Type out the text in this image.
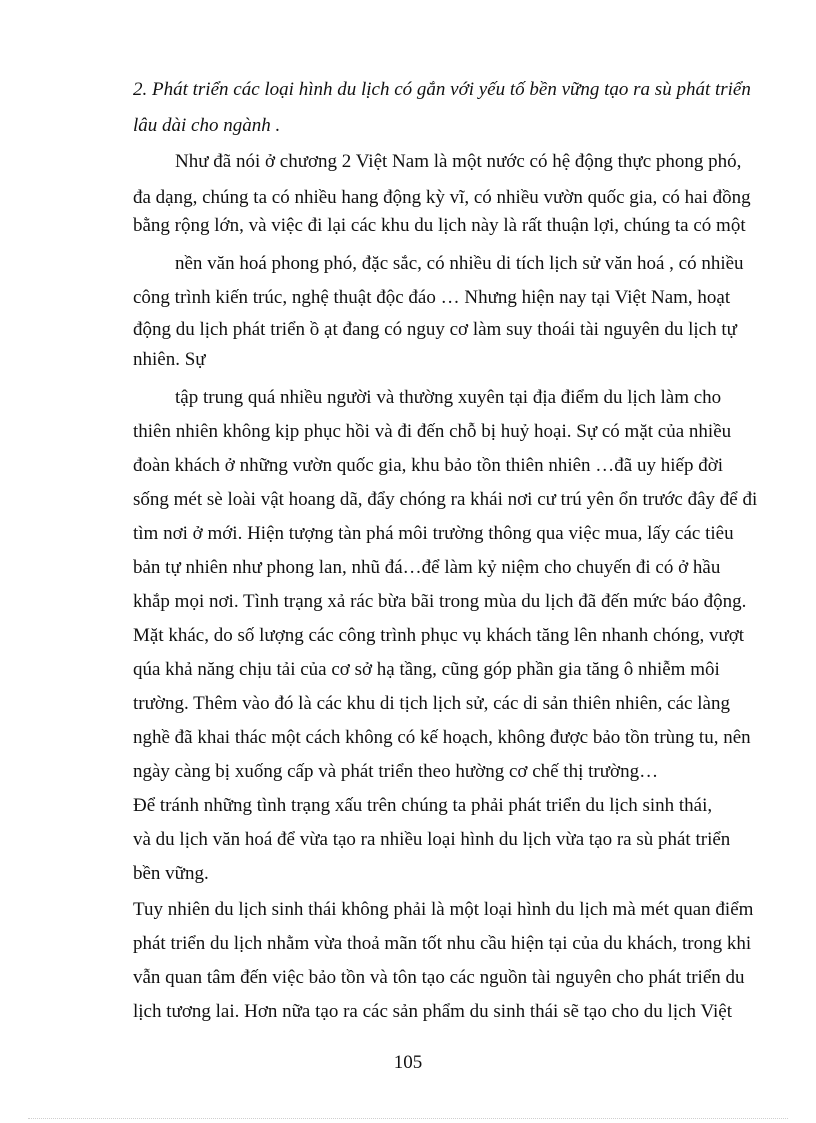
2. Phát triển các loại hình du lịch có gắn với yếu tố bền vững tạo ra sù phát triển
lâu dài cho ngành .
Như đã nói ở chương 2 Việt Nam là một nước có hệ động thực phong phó,
đa dạng, chúng ta có nhiều hang động kỳ vĩ, có nhiều vườn quốc gia, có hai đồng
bằng rộng lớn, và việc đi lại các khu du lịch này là rất thuận lợi, chúng ta có một
nền văn hoá phong phó, đặc sắc, có nhiều di tích lịch sử văn hoá , có nhiều
công trình kiến trúc, nghệ thuật độc đáo … Nhưng hiện nay tại Việt Nam, hoạt
động du lịch phát triển ồ ạt đang có nguy cơ làm suy thoái tài nguyên du lịch tự
nhiên. Sự
tập trung quá nhiều người và thường xuyên tại địa điểm du lịch làm cho
thiên nhiên không kịp phục hồi và đi đến chỗ bị huỷ hoại. Sự có mặt của nhiều
đoàn khách ở những vườn quốc gia, khu bảo tồn thiên nhiên …đã uy hiếp đời
sống mét sè loài vật hoang dã, đẩy chóng ra khái nơi cư trú yên ổn trước đây để đi
tìm nơi ở mới. Hiện tượng tàn phá môi trường thông qua việc mua, lấy các tiêu
bản tự nhiên như phong lan, nhũ đá…để làm kỷ niệm cho chuyến đi có ở hầu
khắp mọi nơi. Tình trạng xả rác bừa bãi trong mùa du lịch đã đến mức báo động.
Mặt khác, do số lượng các công trình phục vụ khách tăng lên nhanh chóng, vượt
qúa khả năng chịu tải của cơ sở hạ tầng, cũng góp phần gia tăng ô nhiễm môi
trường. Thêm vào đó là các khu di tịch lịch sử, các di sản thiên nhiên, các làng
nghề đã khai thác một cách không có kế hoạch, không được bảo tồn trùng tu, nên
ngày càng bị xuống cấp và phát triển theo hường cơ chế thị trường…
Để tránh những tình trạng xấu trên chúng ta phải phát triển du lịch sinh thái,
và du lịch văn hoá để vừa tạo ra nhiều loại hình du lịch vừa tạo ra sù phát triển
bền vững.
Tuy nhiên du lịch sinh thái không phải là một loại hình du lịch mà mét quan điểm
phát triển du lịch nhằm vừa thoả mãn tốt nhu cầu hiện tại của du khách, trong khi
vẫn quan tâm đến việc bảo tồn và tôn tạo các nguồn tài nguyên cho phát triển du
lịch tương lai. Hơn nữa tạo ra các sản phẩm du sinh thái sẽ tạo cho du lịch Việt
105
